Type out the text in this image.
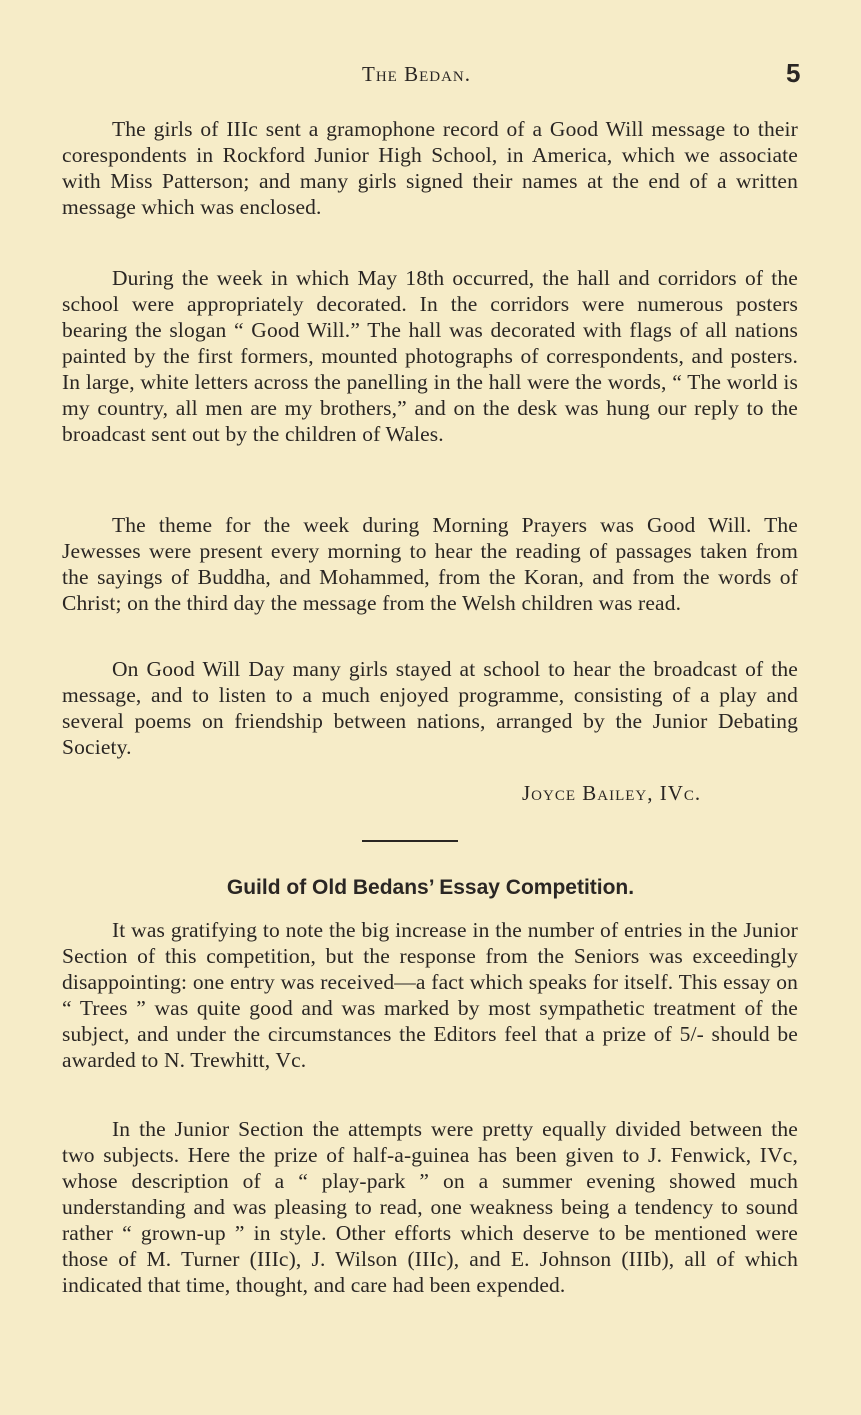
The Bedan.	5

The girls of IIIc sent a gramophone record of a Good Will message to their corespondents in Rockford Junior High School, in America, which we associate with Miss Patterson; and many girls signed their names at the end of a written message which was enclosed.

During the week in which May 18th occurred, the hall and corridors of the school were appropriately decorated. In the corridors were numerous posters bearing the slogan “ Good Will.” The hall was decorated with flags of all nations painted by the first formers, mounted photographs of correspondents, and posters. In large, white letters across the panelling in the hall were the words, “ The world is my country, all men are my brothers,” and on the desk was hung our reply to the broadcast sent out by the children of Wales.

The theme for the week during Morning Prayers was Good Will. The Jewesses were present every morning to hear the reading of passages taken from the sayings of Buddha, and Mohammed, from the Koran, and from the words of Christ; on the third day the message from the Welsh children was read.

On Good Will Day many girls stayed at school to hear the broadcast of the message, and to listen to a much enjoyed programme, consisting of a play and several poems on friendship between nations, arranged by the Junior Debating Society.

Joyce Bailey, IVc.
Guild of Old Bedans’ Essay Competition.

It was gratifying to note the big increase in the number of entries in the Junior Section of this competition, but the response from the Seniors was exceedingly disappointing: one entry was received—a fact which speaks for itself. This essay on “ Trees ” was quite good and was marked by most sympathetic treatment of the subject, and under the circumstances the Editors feel that a prize of 5/- should be awarded to N. Trewhitt, Vc.

In the Junior Section the attempts were pretty equally divided between the two subjects. Here the prize of half-a-guinea has been given to J. Fenwick, IVc, whose description of a “ play-park ” on a summer evening showed much understanding and was pleasing to read, one weakness being a tendency to sound rather “ grown-up ” in style. Other efforts which deserve to be mentioned were those of M. Turner (IIIc), J. Wilson (IIIc), and E. Johnson (IIIb), all of which indicated that time, thought, and care had been expended.
